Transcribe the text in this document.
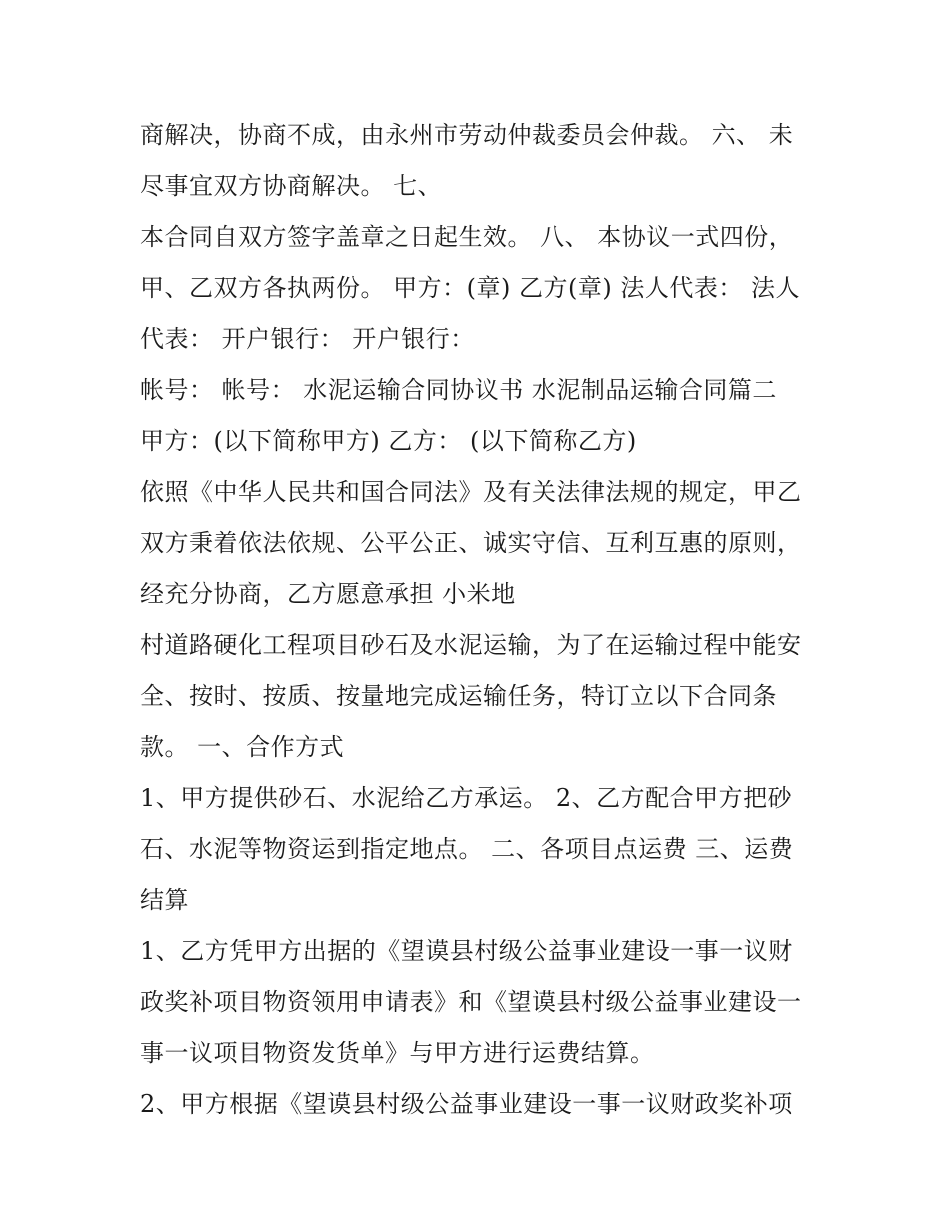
商解决，协商不成，由永州市劳动仲裁委员会仲裁。 六、 未
尽事宜双方协商解决。 七、
本合同自双方签字盖章之日起生效。 八、 本协议一式四份，
甲、乙双方各执两份。 甲方：(章) 乙方(章) 法人代表： 法人
代表： 开户银行： 开户银行：
帐号： 帐号： 水泥运输合同协议书 水泥制品运输合同篇二
甲方：(以下简称甲方) 乙方： (以下简称乙方)
依照《中华人民共和国合同法》及有关法律法规的规定，甲乙
双方秉着依法依规、公平公正、诚实守信、互利互惠的原则，
经充分协商，乙方愿意承担 小米地
村道路硬化工程项目砂石及水泥运输，为了在运输过程中能安
全、按时、按质、按量地完成运输任务，特订立以下合同条
款。 一、合作方式
1、甲方提供砂石、水泥给乙方承运。 2、乙方配合甲方把砂
石、水泥等物资运到指定地点。 二、各项目点运费 三、运费
结算
1、乙方凭甲方出据的《望谟县村级公益事业建设一事一议财
政奖补项目物资领用申请表》和《望谟县村级公益事业建设一
事一议项目物资发货单》与甲方进行运费结算。
2、甲方根据《望谟县村级公益事业建设一事一议财政奖补项
